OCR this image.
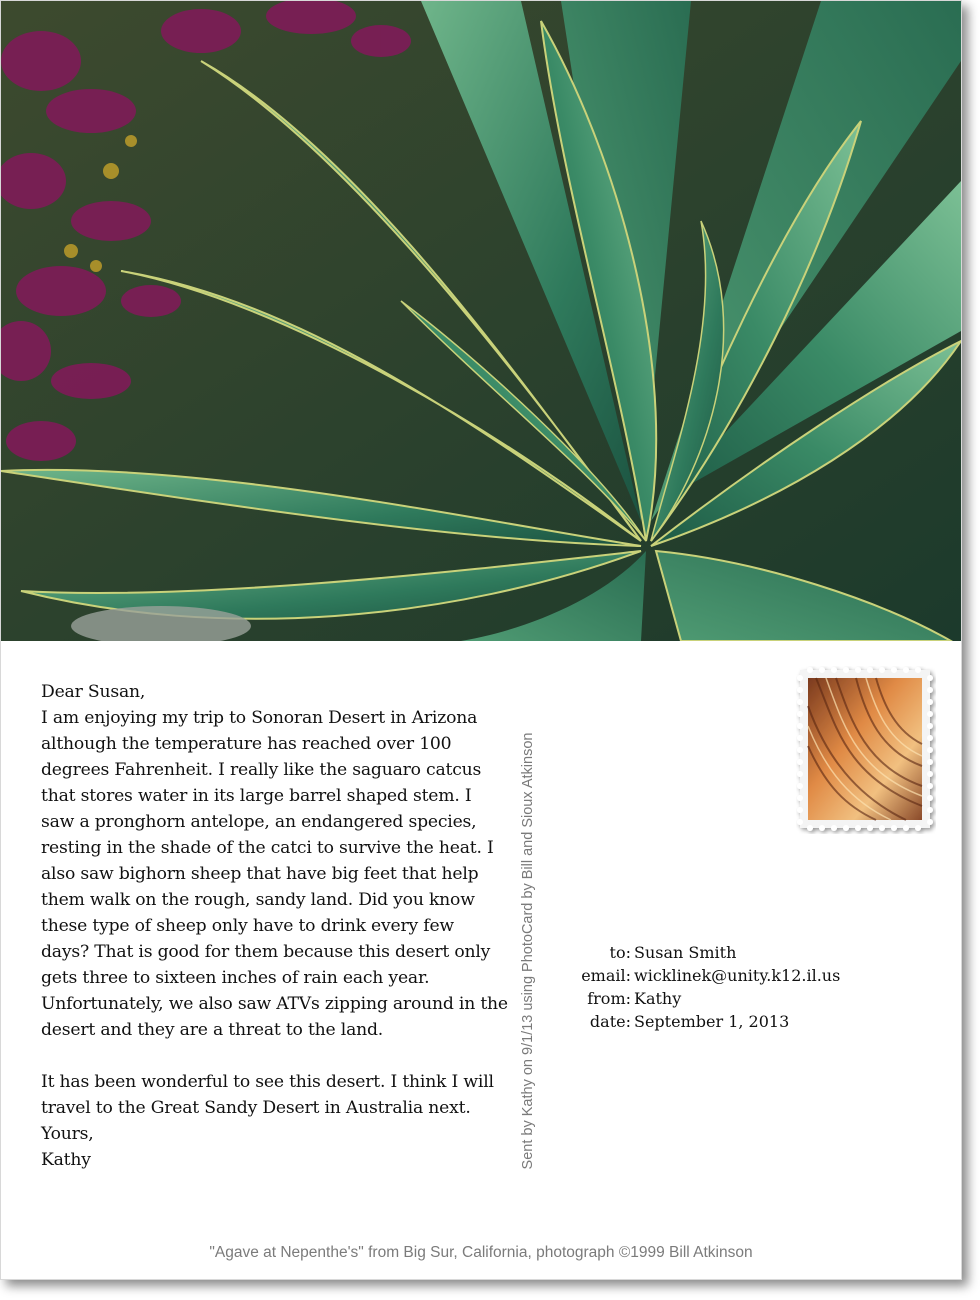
Dear Susan,

I am enjoying my trip to Sonoran Desert in Arizona

although the temperature has reached over 100

degrees Fahrenheit. I really like the saguaro catcus

that stores water in its large barrel shaped stem. I

saw a pronghorn antelope, an endangered species,

resting in the shade of the catci to survive the heat. I

also saw bighorn sheep that have big feet that help

them walk on the rough, sandy land. Did you know

these type of sheep only have to drink every few

days? That is good for them because this desert only

gets three to sixteen inches of rain each year.

Unfortunately, we also saw ATVs zipping around in the

desert and they are a threat to the land.

It has been wonderful to see this desert. I think I will

travel to the Great Sandy Desert in Australia next.

Yours,

Kathy	Sent by Kathy on 9/1/13 using PhotoCard by Bill and Sioux Atkinson	to: Susan Smith
email: wicklinek@unity.k12.il.us
from: Kathy
date: September 1, 2013
"Agave at Nepenthe's" from Big Sur, California, photograph ©1999 Bill Atkinson
